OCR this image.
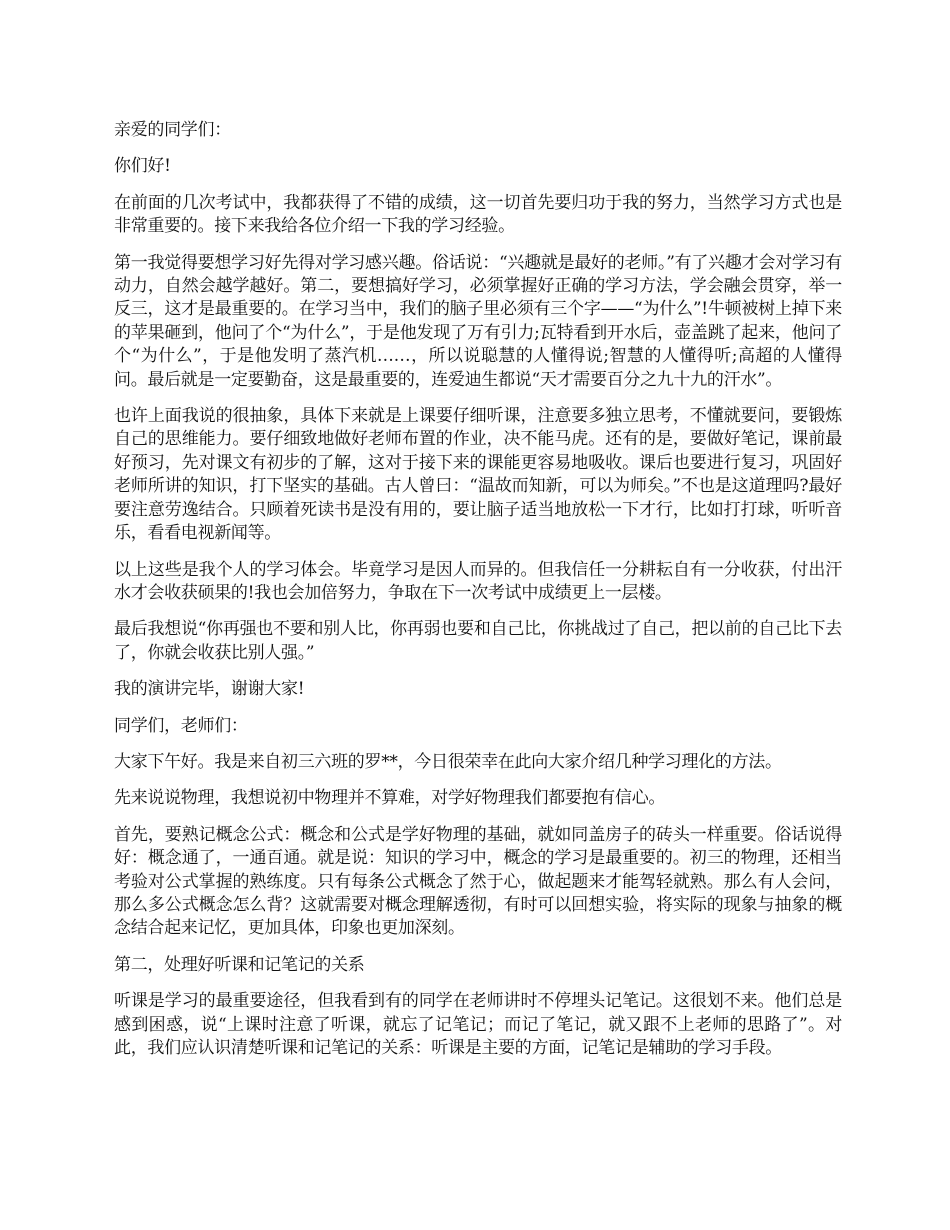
亲爱的同学们：

你们好!

在前面的几次考试中，我都获得了不错的成绩，这一切首先要归功于我的努力，当然学习方式也是非常重要的。接下来我给各位介绍一下我的学习经验。

第一我觉得要想学习好先得对学习感兴趣。俗话说：“兴趣就是最好的老师。”有了兴趣才会对学习有动力，自然会越学越好。第二，要想搞好学习，必须掌握好正确的学习方法，学会融会贯穿，举一反三，这才是最重要的。在学习当中，我们的脑子里必须有三个字——“为什么”!牛顿被树上掉下来的苹果砸到，他问了个“为什么”，于是他发现了万有引力;瓦特看到开水后，壶盖跳了起来，他问了个“为什么”，于是他发明了蒸汽机……，所以说聪慧的人懂得说;智慧的人懂得听;高超的人懂得问。最后就是一定要勤奋，这是最重要的，连爱迪生都说“天才需要百分之九十九的汗水”。

也许上面我说的很抽象，具体下来就是上课要仔细听课，注意要多独立思考，不懂就要问，要锻炼自己的思维能力。要仔细致地做好老师布置的作业，决不能马虎。还有的是，要做好笔记，课前最好预习，先对课文有初步的了解，这对于接下来的课能更容易地吸收。课后也要进行复习，巩固好老师所讲的知识，打下坚实的基础。古人曾曰：“温故而知新，可以为师矣。”不也是这道理吗?最好要注意劳逸结合。只顾着死读书是没有用的，要让脑子适当地放松一下才行，比如打打球，听听音乐，看看电视新闻等。

以上这些是我个人的学习体会。毕竟学习是因人而异的。但我信任一分耕耘自有一分收获，付出汗水才会收获硕果的!我也会加倍努力，争取在下一次考试中成绩更上一层楼。

最后我想说“你再强也不要和别人比，你再弱也要和自己比，你挑战过了自己，把以前的自己比下去了，你就会收获比别人强。”

我的演讲完毕，谢谢大家!

同学们，老师们：

大家下午好。我是来自初三六班的罗**，今日很荣幸在此向大家介绍几种学习理化的方法。

先来说说物理，我想说初中物理并不算难，对学好物理我们都要抱有信心。

首先，要熟记概念公式：概念和公式是学好物理的基础，就如同盖房子的砖头一样重要。俗话说得好：概念通了，一通百通。就是说：知识的学习中，概念的学习是最重要的。初三的物理，还相当考验对公式掌握的熟练度。只有每条公式概念了然于心，做起题来才能驾轻就熟。那么有人会问，那么多公式概念怎么背？这就需要对概念理解透彻，有时可以回想实验，将实际的现象与抽象的概念结合起来记忆，更加具体，印象也更加深刻。

第二，处理好听课和记笔记的关系

听课是学习的最重要途径，但我看到有的同学在老师讲时不停埋头记笔记。这很划不来。他们总是感到困惑，说“上课时注意了听课，就忘了记笔记；而记了笔记，就又跟不上老师的思路了”。对此，我们应认识清楚听课和记笔记的关系：听课是主要的方面，记笔记是辅助的学习手段。
